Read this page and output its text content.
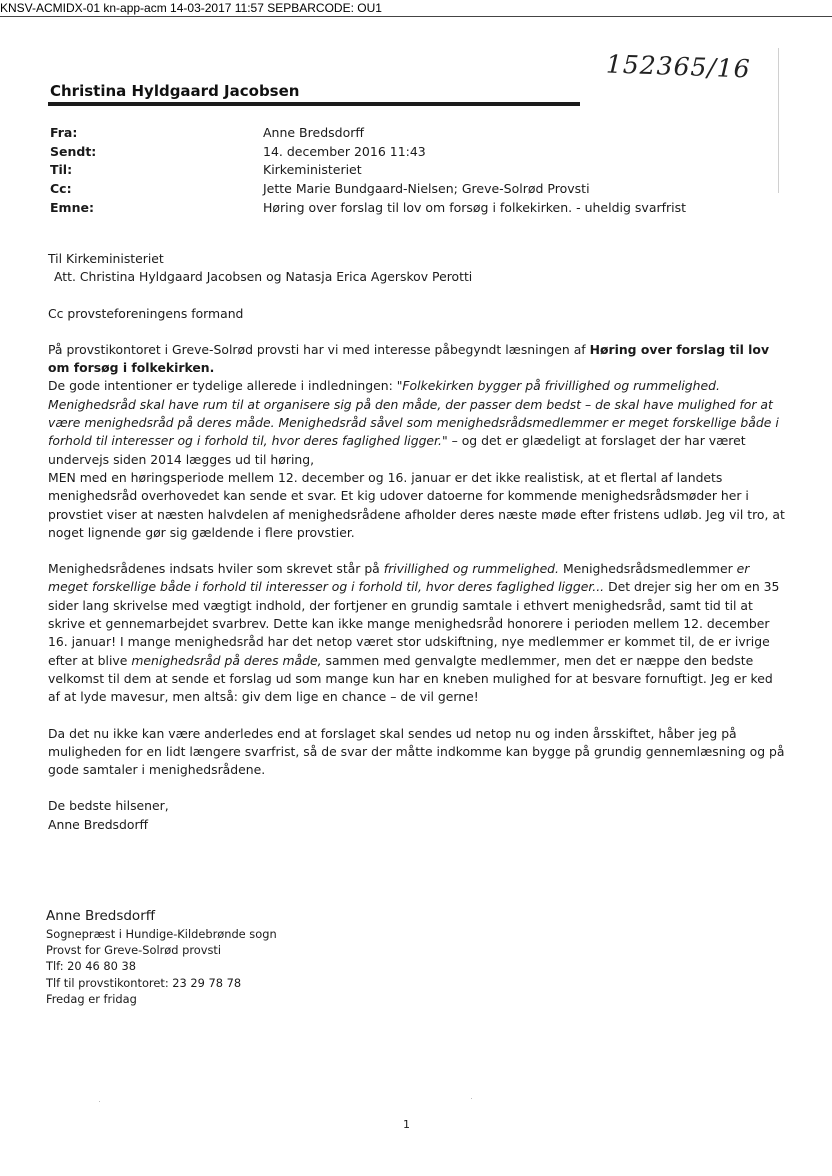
KNSV-ACMIDX-01 kn-app-acm 14-03-2017 11:57 SEPBARCODE: OU1
152365/16
Christina Hyldgaard Jacobsen
Fra:	Anne Bredsdorff
Sendt:	14. december 2016 11:43
Til:	Kirkeministeriet
Cc:	Jette Marie Bundgaard-Nielsen; Greve-Solrød Provsti
Emne:	Høring over forslag til lov om forsøg i folkekirken. - uheldig svarfrist

Til Kirkeministeriet

Att. Christina Hyldgaard Jacobsen og Natasja Erica Agerskov Perotti

Cc provsteforeningens formand

På provstikontoret i Greve-Solrød provsti har vi med interesse påbegyndt læsningen af Høring over forslag til lov om forsøg i folkekirken.

De gode intentioner er tydelige allerede i indledningen: "Folkekirken bygger på frivillighed og rummelighed. Menighedsråd skal have rum til at organisere sig på den måde, der passer dem bedst – de skal have mulighed for at være menighedsråd på deres måde. Menighedsråd såvel som menighedsrådsmedlemmer er meget forskellige både i forhold til interesser og i forhold til, hvor deres faglighed ligger." – og det er glædeligt at forslaget der har været undervejs siden 2014 lægges ud til høring,

MEN med en høringsperiode mellem 12. december og 16. januar er det ikke realistisk, at et flertal af landets menighedsråd overhovedet kan sende et svar. Et kig udover datoerne for kommende menighedsrådsmøder her i provstiet viser at næsten halvdelen af menighedsrådene afholder deres næste møde efter fristens udløb. Jeg vil tro, at noget lignende gør sig gældende i flere provstier.

Menighedsrådenes indsats hviler som skrevet står på frivillighed og rummelighed. Menighedsrådsmedlemmer er meget forskellige både i forhold til interesser og i forhold til, hvor deres faglighed ligger... Det drejer sig her om en 35 sider lang skrivelse med vægtigt indhold, der fortjener en grundig samtale i ethvert menighedsråd, samt tid til at skrive et gennemarbejdet svarbrev. Dette kan ikke mange menighedsråd honorere i perioden mellem 12. december 16. januar! I mange menighedsråd har det netop været stor udskiftning, nye medlemmer er kommet til, de er ivrige efter at blive menighedsråd på deres måde, sammen med genvalgte medlemmer, men det er næppe den bedste velkomst til dem at sende et forslag ud som mange kun har en kneben mulighed for at besvare fornuftigt. Jeg er ked af at lyde mavesur, men altså: giv dem lige en chance – de vil gerne!

Da det nu ikke kan være anderledes end at forslaget skal sendes ud netop nu og inden årsskiftet, håber jeg på muligheden for en lidt længere svarfrist, så de svar der måtte indkomme kan bygge på grundig gennemlæsning og på gode samtaler i menighedsrådene.

De bedste hilsener,

Anne Bredsdorff

Anne Bredsdorff
Sognepræst i Hundige-Kildebrønde sogn
Provst for Greve-Solrød provsti
Tlf: 20 46 80 38
Tlf til provstikontoret: 23 29 78 78
Fredag er fridag
1
